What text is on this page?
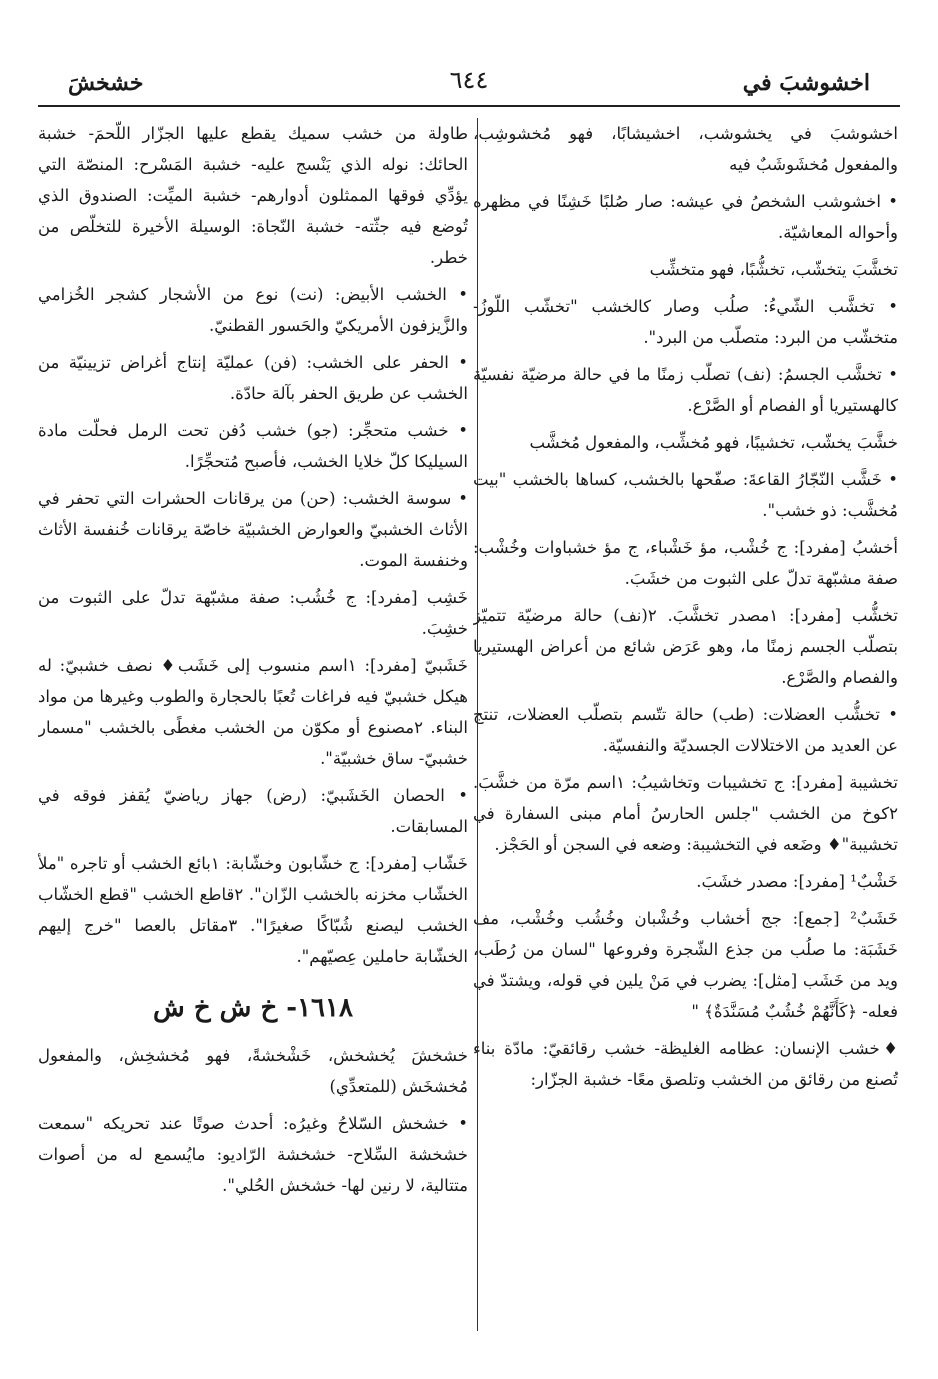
اخشوشبَ في
٦٤٤
خشخشَ

اخشوشبَ في يخشوشب، اخشيشابًا، فهو مُخشوشِب، والمفعول مُخشَوشَبٌ فيه

• اخشوشب الشخصُ في عيشه: صار صُلبًا خَشِنًا في مظهره وأحواله المعاشيّة.

تخشَّبَ يتخشّب، تخشُّبًا، فهو متخشِّب

• تخشَّب الشّيءُ: صلُب وصار كالخشب "تخشّب اللّوزُ- متخشّب من البرد: متصلّب من البرد".

• تخشَّب الجسمُ: (نف) تصلّب زمنًا ما في حالة مرضيّة نفسيّة كالهستيريا أو الفصام أو الصَّرْع.

خشَّبَ يخشّب، تخشيبًا، فهو مُخشِّب، والمفعول مُخشَّب

• خَشَّب النّجّارُ القاعةَ: صفّحها بالخشب، كساها بالخشب "بيت مُخشَّب: ذو خشب".

أخشبُ [مفرد]: ج خُشْب، مؤ خَشْباء، ج مؤ خشباوات وخُشْب: صفة مشبّهة تدلّ على الثبوت من خشَبَ.

تخشُّب [مفرد]: ١مصدر تخشَّبَ. ٢(نف) حالة مرضيّة تتميّز بتصلّب الجسم زمنًا ما، وهو عَرَض شائع من أعراض الهستيريا والفصام والصَّرْع.

• تخشُّب العضلات: (طب) حالة تتّسم بتصلّب العضلات، تنتج عن العديد من الاختلالات الجسديّة والنفسيّة.

تخشيبة [مفرد]: ج تخشيبات وتخاشيبُ: ١اسم مرّة من خشَّبَ. ٢كوخ من الخشب "جلس الحارسُ أمام مبنى السفارة في تخشيبة"♦ وضَعه في التخشيبة: وضعه في السجن أو الحَجْز.

خَشْبٌ¹ [مفرد]: مصدر خشَبَ.

خَشَبٌ² [جمع]: جج أخشاب وخُشْبان وخُشُب وخُشْب، مف خَشَبَة: ما صلُب من جذع الشّجرة وفروعها "لسان من رُطَب، ويد من خَشَب [مثل]: يضرب في مَنْ يلين في قوله، ويشتدّ في فعله- ﴿كَأَنَّهُمْ خُشُبٌ مُسَنَّدَةٌ﴾ "

♦خشب الإنسان: عظامه الغليظة- خشب رقائقيّ: مادّة بناء تُصنع من رقائق من الخشب وتلصق معًا- خشبة الجزّار:

طاولة من خشب سميك يقطع عليها الجزّار اللّحمَ- خشبة الحائك: نوله الذي يَنْسج عليه- خشبة المَسْرح: المنصّة التي يؤدِّي فوقها الممثلون أدوارهم- خشبة الميِّت: الصندوق الذي تُوضع فيه جثّته- خشبة النّجاة: الوسيلة الأخيرة للتخلّص من خطر.

• الخشب الأبيض: (نت) نوع من الأشجار كشجر الخُزامي والزَّيزفون الأمريكيّ والحَسور القطنيّ.

• الحفر على الخشب: (فن) عمليّة إنتاج أغراض تزيينيّة من الخشب عن طريق الحفر بآلة حادّة.

• خشب متحجِّر: (جو) خشب دُفن تحت الرمل فحلّت مادة السيليكا كلّ خلايا الخشب، فأصبح مُتحجِّرًا.

• سوسة الخشب: (حن) من يرقانات الحشرات التي تحفر في الأثاث الخشبيّ والعوارض الخشبيّة خاصّة يرقانات خُنفسة الأثاث وخنفسة الموت.

خَشِب [مفرد]: ج خُشُب: صفة مشبّهة تدلّ على الثبوت من خشِبَ.

خَشَبيّ [مفرد]: ١اسم منسوب إلى خَشَب♦ نصف خشبيّ: له هيكل خشبيّ فيه فراغات تُعبًا بالحجارة والطوب وغيرها من مواد البناء. ٢مصنوع أو مكوّن من الخشب مغطًى بالخشب "مسمار خشبيّ- ساق خشبيّة".

• الحصان الخَشَبيّ: (رض) جهاز رياضيّ يُقفز فوقه في المسابقات.

خَشّاب [مفرد]: ج خشّابون وخشّابة: ١بائع الخشب أو تاجره "ملأ الخشّاب مخزنه بالخشب الزّان". ٢قاطع الخشب "قطع الخشّاب الخشب ليصنع شُبّاكًا صغيرًا". ٣مقاتل بالعصا "خرج إليهم الخشّابة حاملين عِصيّهم".

١٦١٨- خ ش خ ش

خشخشَ يُخشخش، خَشْخشةً، فهو مُخشخِش، والمفعول مُخشخَش (للمتعدِّي)

• خشخش السّلاحُ وغيرُه: أحدث صوتًا عند تحريكه "سمعت خشخشة السِّلاح- خشخشة الرّاديو: مايُسمع له من أصوات متتالية، لا رنين لها- خشخش الحُلي".
